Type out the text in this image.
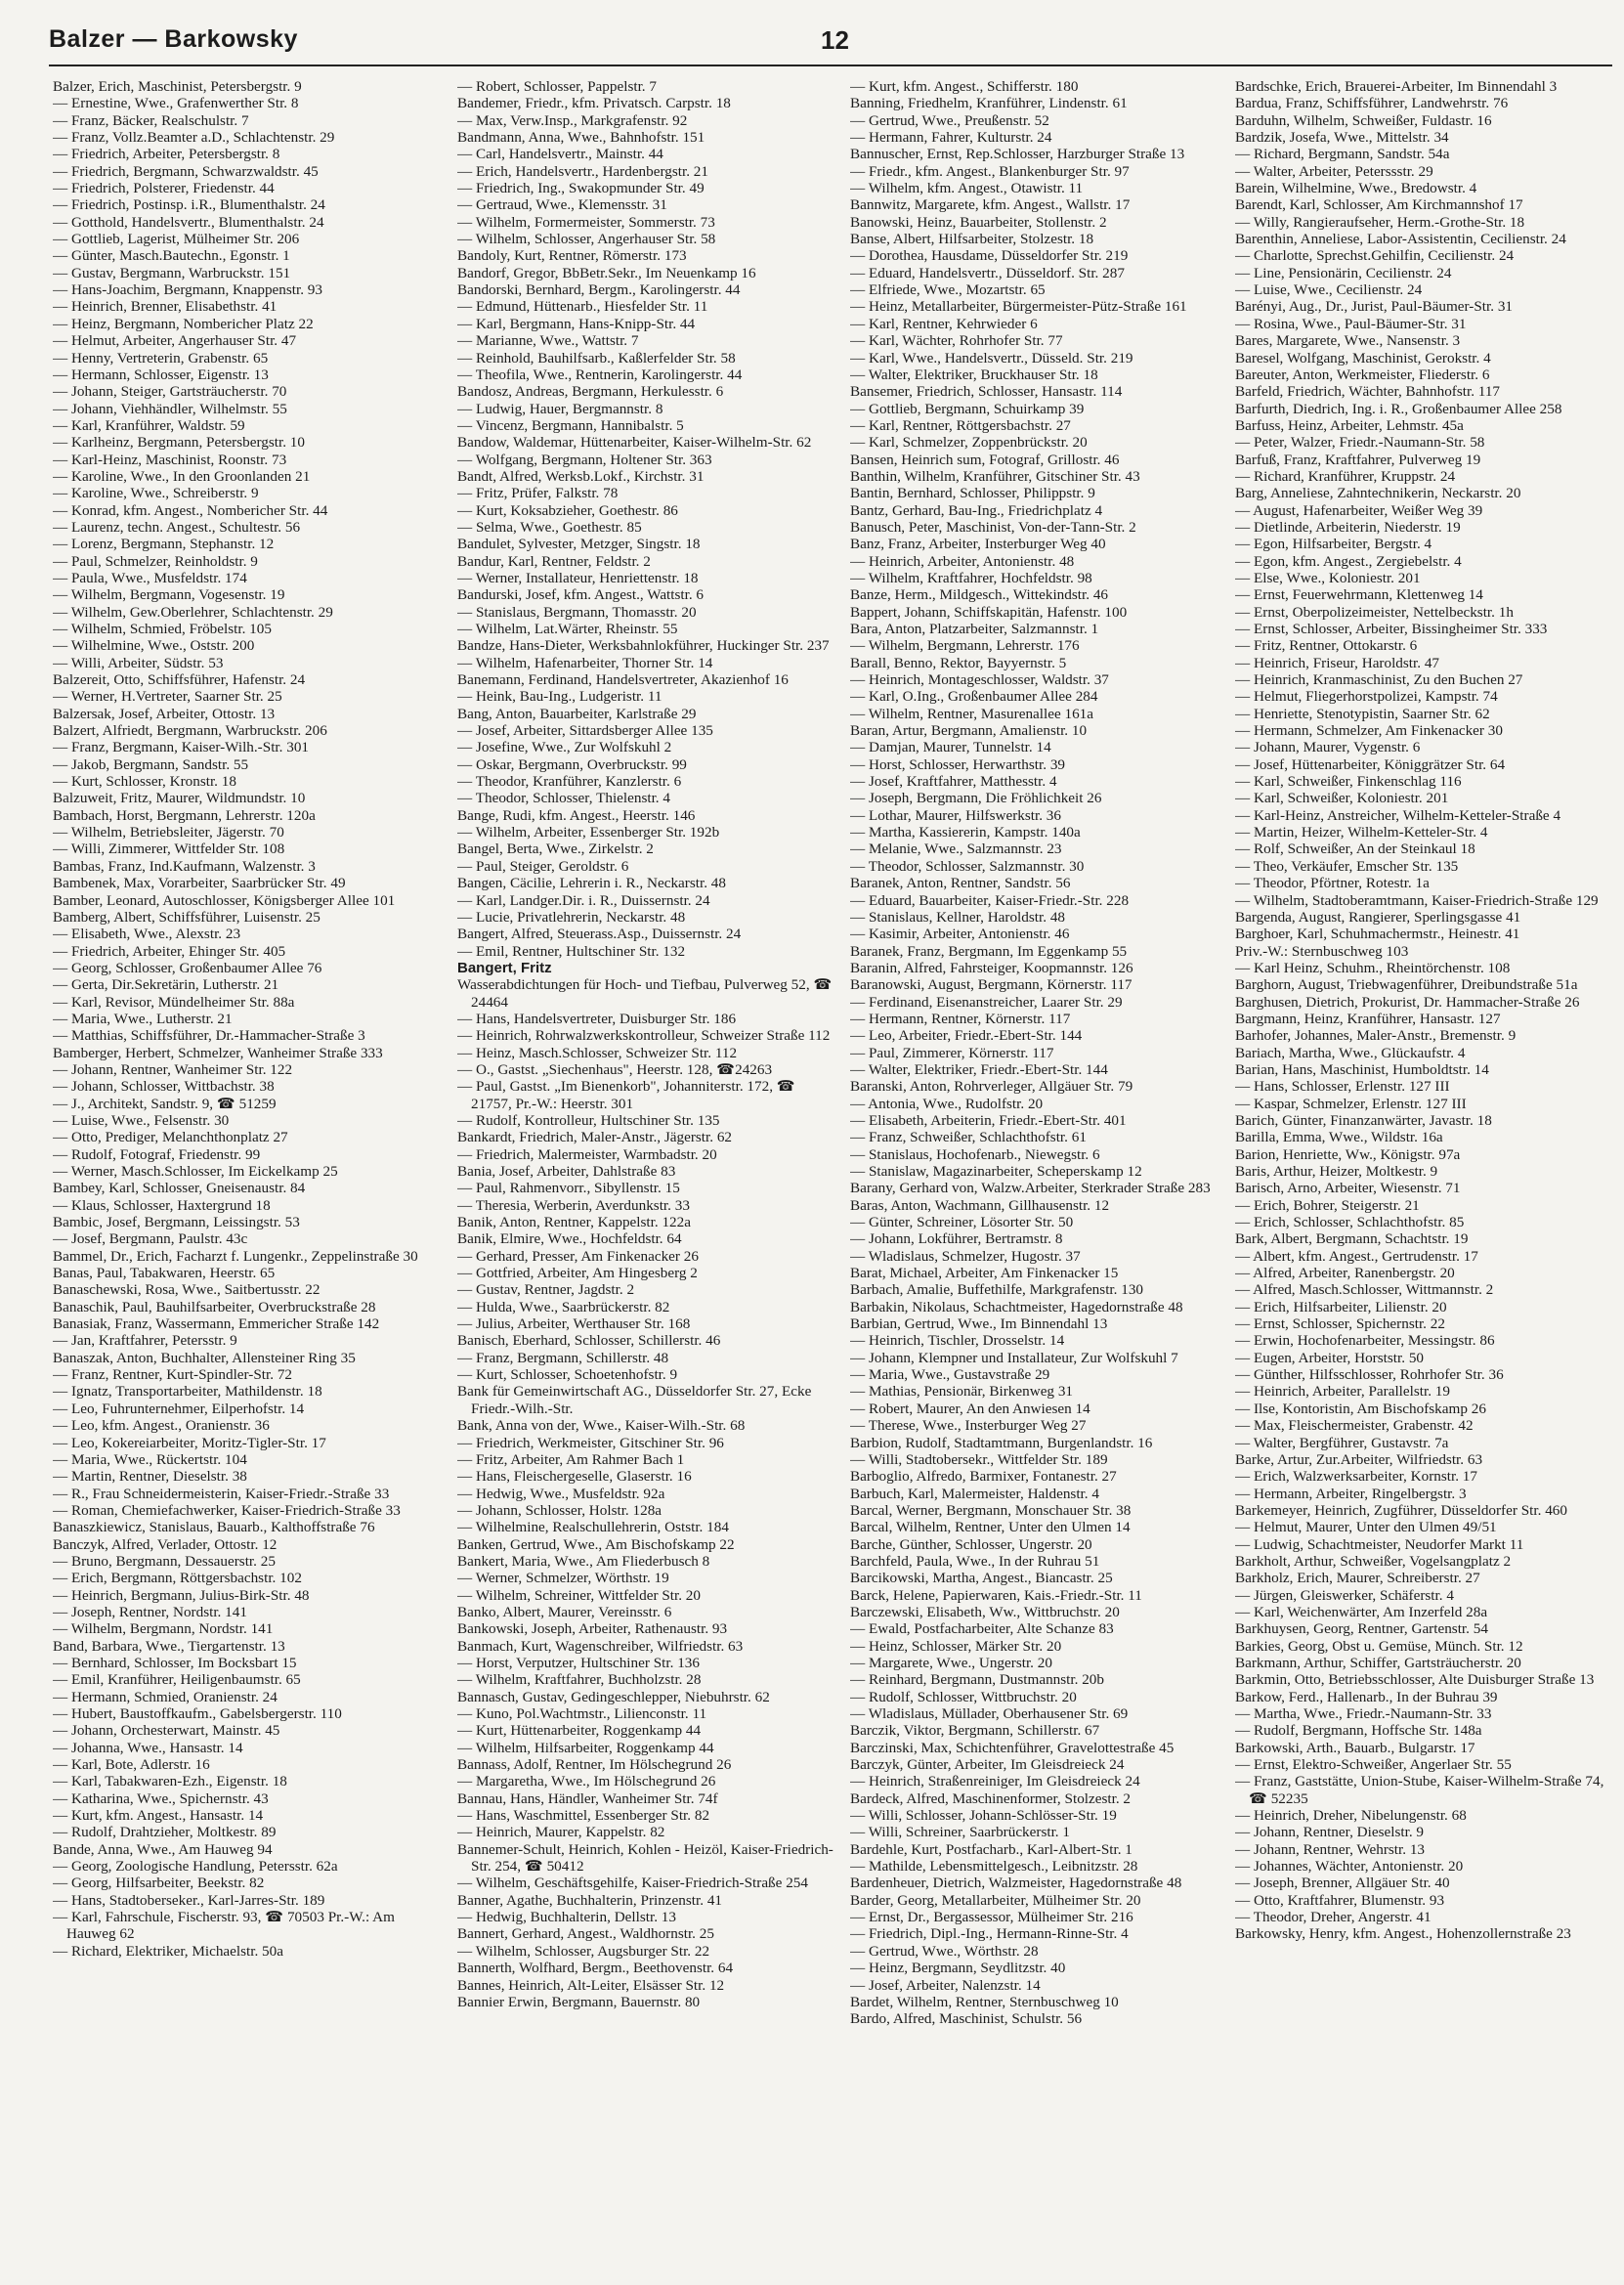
Balzer — Barkowsky	12
Balzer, Erich, Maschinist, Petersbergstr. 9
— Ernestine, Wwe., Grafenwerther Str. 8
— Franz, Bäcker, Realschulstr. 7
— Franz, Vollz.Beamter a.D., Schlachtenstr. 29
— Friedrich, Arbeiter, Petersbergstr. 8
— Friedrich, Bergmann, Schwarzwaldstr. 45
— Friedrich, Polsterer, Friedenstr. 44
— Friedrich, Postinsp. i.R., Blumenthalstr. 24
— Gotthold, Handelsvertr., Blumenthalstr. 24
— Gottlieb, Lagerist, Mülheimer Str. 206
— Günter, Masch.Bautechn., Egonstr. 1
— Gustav, Bergmann, Warbruckstr. 151
— Hans-Joachim, Bergmann, Knappenstr. 93
— Heinrich, Brenner, Elisabethstr. 41
— Heinz, Bergmann, Nombericher Platz 22
— Helmut, Arbeiter, Angerhauser Str. 47
— Henny, Vertreterin, Grabenstr. 65
— Hermann, Schlosser, Eigenstr. 13
— Johann, Steiger, Gartsträucherstr. 70
— Johann, Viehhändler, Wilhelmstr. 55
— Karl, Kranführer, Waldstr. 59
— Karlheinz, Bergmann, Petersbergstr. 10
— Karl-Heinz, Maschinist, Roonstr. 73
— Karoline, Wwe., In den Groonlanden 21
— Karoline, Wwe., Schreiberstr. 9
— Konrad, kfm. Angest., Nombericher Str. 44
— Laurenz, techn. Angest., Schultestr. 56
— Lorenz, Bergmann, Stephanstr. 12
— Paul, Schmelzer, Reinholdstr. 9
— Paula, Wwe., Musfeldstr. 174
— Wilhelm, Bergmann, Vogesenstr. 19
— Wilhelm, Gew.Oberlehrer, Schlachtenstr. 29
— Wilhelm, Schmied, Fröbelstr. 105
— Wilhelmine, Wwe., Oststr. 200
— Willi, Arbeiter, Südstr. 53
Balzereit, Otto, Schiffsführer, Hafenstr. 24
— Werner, H.Vertreter, Saarner Str. 25
Balzersak, Josef, Arbeiter, Ottostr. 13
Balzert, Alfriedt, Bergmann, Warbruckstr. 206
— Franz, Bergmann, Kaiser-Wilh.-Str. 301
— Jakob, Bergmann, Sandstr. 55
— Kurt, Schlosser, Kronstr. 18
Balzuweit, Fritz, Maurer, Wildmundstr. 10
Bambach, Horst, Bergmann, Lehrerstr. 120a
— Wilhelm, Betriebsleiter, Jägerstr. 70
— Willi, Zimmerer, Wittfelder Str. 108
Bambas, Franz, Ind.Kaufmann, Walzenstr. 3
Bambenek, Max, Vorarbeiter, Saarbrücker Str. 49
Bamber, Leonard, Autoschlosser, Königsberger Allee 101
Bamberg, Albert, Schiffsführer, Luisenstr. 25
— Elisabeth, Wwe., Alexstr. 23
— Friedrich, Arbeiter, Ehinger Str. 405
— Georg, Schlosser, Großenbaumer Allee 76
— Gerta, Dir.Sekretärin, Lutherstr. 21
— Karl, Revisor, Mündelheimer Str. 88a
— Maria, Wwe., Lutherstr. 21
— Matthias, Schiffsführer, Dr.-Hammacher-Straße 3
Bamberger, Herbert, Schmelzer, Wanheimer Straße 333
— Johann, Rentner, Wanheimer Str. 122
— Johann, Schlosser, Wittbachstr. 38
— J., Architekt, Sandstr. 9, ☎ 51259
— Luise, Wwe., Felsenstr. 30
— Otto, Prediger, Melanchthonplatz 27
— Rudolf, Fotograf, Friedenstr. 99
— Werner, Masch.Schlosser, Im Eickelkamp 25
Bambey, Karl, Schlosser, Gneisenaustr. 84
— Klaus, Schlosser, Haxtergrund 18
Bambic, Josef, Bergmann, Leissingstr. 53
— Josef, Bergmann, Paulstr. 43c
Bammel, Dr., Erich, Facharzt f. Lungenkr., Zeppelinstraße 30
Banas, Paul, Tabakwaren, Heerstr. 65
Banaschewski, Rosa, Wwe., Saitbertusstr. 22
Banaschik, Paul, Bauhilfsarbeiter, Overbruckstraße 28
Banasiak, Franz, Wassermann, Emmericher Straße 142
— Jan, Kraftfahrer, Petersstr. 9
Banaszak, Anton, Buchhalter, Allensteiner Ring 35
— Franz, Rentner, Kurt-Spindler-Str. 72
— Ignatz, Transportarbeiter, Mathildenstr. 18
— Leo, Fuhrunternehmer, Eilperhofstr. 14
— Leo, kfm. Angest., Oranienstr. 36
— Leo, Kokereiarbeiter, Moritz-Tigler-Str. 17
— Maria, Wwe., Rückertstr. 104
— Martin, Rentner, Dieselstr. 38
— R., Frau Schneidermeisterin, Kaiser-Friedr.-Straße 33
— Roman, Chemiefachwerker, Kaiser-Friedrich-Straße 33
Banaszkiewicz, Stanislaus, Bauarb., Kalthoffstraße 76
Banczyk, Alfred, Verlader, Ottostr. 12
— Bruno, Bergmann, Dessauerstr. 25
— Erich, Bergmann, Röttgersbachstr. 102
— Heinrich, Bergmann, Julius-Birk-Str. 48
— Joseph, Rentner, Nordstr. 141
— Wilhelm, Bergmann, Nordstr. 141
Band, Barbara, Wwe., Tiergartenstr. 13
— Bernhard, Schlosser, Im Bocksbart 15
— Emil, Kranführer, Heiligenbaumstr. 65
— Hermann, Schmied, Oranienstr. 24
— Hubert, Baustoffkaufm., Gabelsbergerstr. 110
— Johann, Orchesterwart, Mainstr. 45
— Johanna, Wwe., Hansastr. 14
— Karl, Bote, Adlerstr. 16
— Karl, Tabakwaren-Ezh., Eigenstr. 18
— Katharina, Wwe., Spichernstr. 43
— Kurt, kfm. Angest., Hansastr. 14
— Rudolf, Drahtzieher, Moltkestr. 89
Bande, Anna, Wwe., Am Hauweg 94
— Georg, Zoologische Handlung, Petersstr. 62a
— Georg, Hilfsarbeiter, Beekstr. 82
— Hans, Stadtoberseker., Karl-Jarres-Str. 189
— Karl, Fahrschule, Fischerstr. 93, ☎ 70503 Pr.-W.: Am Hauweg 62
— Richard, Elektriker, Michaelstr. 50a
— Robert, Schlosser, Pappelstr. 7
Bandemer, Friedr., kfm. Privatsch. Carpstr. 18
— Max, Verw.Insp., Markgrafenstr. 92
Bandmann, Anna, Wwe., Bahnhofstr. 151
— Carl, Handelsvertr., Mainstr. 44
— Erich, Handelsvertr., Hardenbergstr. 21
— Friedrich, Ing., Swakopmunder Str. 49
— Gertraud, Wwe., Klemensstr. 31
— Wilhelm, Formermeister, Sommerstr. 73
— Wilhelm, Schlosser, Angerhauser Str. 58
Bandoly, Kurt, Rentner, Römerstr. 173
Bandorf, Gregor, BbBetr.Sekr., Im Neuenkamp 16
Bandorski, Bernhard, Bergm., Karolingerstr. 44
— Edmund, Hüttenarb., Hiesfelder Str. 11
— Karl, Bergmann, Hans-Knipp-Str. 44
— Marianne, Wwe., Wattstr. 7
— Reinhold, Bauhilfsarb., Kaßlerfelder Str. 58
— Theofila, Wwe., Rentnerin, Karolingerstr. 44
Bandosz, Andreas, Bergmann, Herkulesstr. 6
— Ludwig, Hauer, Bergmannstr. 8
— Vincenz, Bergmann, Hannibalstr. 5
Bandow, Waldemar, Hüttenarbeiter, Kaiser-Wilhelm-Str. 62
— Wolfgang, Bergmann, Holtener Str. 363
Bandt, Alfred, Werksb.Lokf., Kirchstr. 31
— Fritz, Prüfer, Falkstr. 78
— Kurt, Koksabzieher, Goethestr. 86
— Selma, Wwe., Goethestr. 85
Bandulet, Sylvester, Metzger, Singstr. 18
Bandur, Karl, Rentner, Feldstr. 2
— Werner, Installateur, Henriettenstr. 18
Bandurski, Josef, kfm. Angest., Wattstr. 6
— Stanislaus, Bergmann, Thomasstr. 20
— Wilhelm, Lat.Wärter, Rheinstr. 55
Bandze, Hans-Dieter, Werksbahnlokführer, Huckinger Str. 237
— Wilhelm, Hafenarbeiter, Thorner Str. 14
Banemann, Ferdinand, Handelsvertreter, Akazienhof 16
— Heink, Bau-Ing., Ludgeristr. 11
Bang, Anton, Bauarbeiter, Karlstraße 29
— Josef, Arbeiter, Sittardsberger Allee 135
— Josefine, Wwe., Zur Wolfskuhl 2
— Oskar, Bergmann, Overbruckstr. 99
— Theodor, Kranführer, Kanzlerstr. 6
— Theodor, Schlosser, Thielenstr. 4
Bange, Rudi, kfm. Angest., Heerstr. 146
— Wilhelm, Arbeiter, Essenberger Str. 192b
Bangel, Berta, Wwe., Zirkelstr. 2
— Paul, Steiger, Geroldstr. 6
Bangen, Cäcilie, Lehrerin i. R., Neckarstr. 48
— Karl, Landger.Dir. i. R., Duissernstr. 24
— Lucie, Privatlehrerin, Neckarstr. 48
Bangert, Alfred, Steuerass.Asp., Duissernstr. 24
— Emil, Rentner, Hultschiner Str. 132
Bangert, Fritz
Wasserabdichtungen für Hoch- und Tiefbau, Pulverweg 52, ☎ 24464
— Hans, Handelsvertreter, Duisburger Str. 186
— Heinrich, Rohrwalzwerksk​ontrolleur, Schweizer Straße 112
— Heinz, Masch.Schlosser, Schweizer Str. 112
— O., Gastst. „Siechenhaus", Heerstr. 128, ☎24263
— Paul, Gastst. „Im Bienenkorb", Johanniterstr. 172, ☎ 21757, Pr.-W.: Heerstr. 301
— Rudolf, Kontrolleur, Hultschiner Str. 135
Bankardt, Friedrich, Maler-Anstr., Jägerstr. 62
— Friedrich, Malermeister, Warmbadstr. 20
Bania, Josef, Arbeiter, Dahlstraße 83
— Paul, Rahmenvorr., Sibyllenstr. 15
— Theresia, Werberin, Averdunkstr. 33
Banik, Anton, Rentner, Kappelstr. 122a
Banik, Elmire, Wwe., Hochfeldstr. 64
— Gerhard, Presser, Am Finkenacker 26
— Gottfried, Arbeiter, Am Hingesberg 2
— Gustav, Rentner, Jagdstr. 2
— Hulda, Wwe., Saarbrückerstr. 82
— Julius, Arbeiter, Werthauser Str. 168
Banisch, Eberhard, Schlosser, Schillerstr. 46
— Franz, Bergmann, Schillerstr. 48
— Kurt, Schlosser, Schoetenhofstr. 9
Bank für Gemeinwirtschaft AG., Düsseldorfer Str. 27, Ecke Friedr.-Wilh.-Str.
Bank, Anna von der, Wwe., Kaiser-Wilh.-Str. 68
— Friedrich, Werkmeister, Gitschiner Str. 96
— Fritz, Arbeiter, Am Rahmer Bach 1
— Hans, Fleischergeselle, Glaserstr. 16
— Hedwig, Wwe., Musfeldstr. 92a
— Johann, Schlosser, Holstr. 128a
— Wilhelmine, Realschullehrerin, Oststr. 184
Banken, Gertrud, Wwe., Am Bischofskamp 22
Bankert, Maria, Wwe., Am Fliederbusch 8
— Werner, Schmelzer, Wörthstr. 19
— Wilhelm, Schreiner, Wittfelder Str. 20
Banko, Albert, Maurer, Vereinsstr. 6
Bankowski, Joseph, Arbeiter, Rathenaustr. 93
Banmach, Kurt, Wagenschreiber, Wilfriedstr. 63
— Horst, Verputzer, Hultschiner Str. 136
— Wilhelm, Kraftfahrer, Buchholzstr. 28
Bannasch, Gustav, Gedingeschlepper, Niebuhrstr. 62
— Kuno, Pol.Wachtmstr., Lilienconstr. 11
— Kurt, Hüttenarbeiter, Roggenkamp 44
— Wilhelm, Hilfsarbeiter, Roggenkamp 44
Bannass, Adolf, Rentner, Im Hölschegrund 26
— Margaretha, Wwe., Im Hölschegrund 26
Bannau, Hans, Händler, Wanheimer Str. 74f
— Hans, Waschmittel, Essenberger Str. 82
— Heinrich, Maurer, Kappelstr. 82
Bannemer-Schult, Heinrich, Kohlen - Heizöl, Kaiser-Friedrich-Str. 254, ☎ 50412
— Wilhelm, Geschäftsgehilfe, Kaiser-Friedrich-Straße 254
Banner, Agathe, Buchhalterin, Prinzenstr. 41
— Hedwig, Buchhalterin, Dellstr. 13
Bannert, Gerhard, Angest., Waldhornstr. 25
— Wilhelm, Schlosser, Augsburger Str. 22
Bannerth, Wolfhard, Bergm., Beethovenstr. 64
Bannes, Heinrich, Alt-Leiter, Elsässer Str. 12
Bannier Erwin, Bergmann, Bauernstr. 80
— Kurt, kfm. Angest., Schifferstr. 180
Banning, Friedhelm, Kranführer, Lindenstr. 61
— Gertrud, Wwe., Preußenstr. 52
— Hermann, Fahrer, Kulturstr. 24
Bannuscher, Ernst, Rep.Schlosser, Harzburger Straße 13
— Friedr., kfm. Angest., Blankenburger Str. 97
— Wilhelm, kfm. Angest., Otawistr. 11
Bannwitz, Margarete, kfm. Angest., Wallstr. 17
Banowski, Heinz, Bauarbeiter, Stollenstr. 2
Banse, Albert, Hilfsarbeiter, Stolzestr. 18
— Dorothea, Hausdame, Düsseldorfer Str. 219
— Eduard, Handelsvertr., Düsseldorf. Str. 287
— Elfriede, Wwe., Mozartstr. 65
— Heinz, Metallarbeiter, Bürgermeister-Pütz-Straße 161
— Karl, Rentner, Kehrwieder 6
— Karl, Wächter, Rohrhofer Str. 77
— Karl, Wwe., Handelsvertr., Düsseld. Str. 219
— Walter, Elektriker, Bruckhauser Str. 18
Bansemer, Friedrich, Schlosser, Hansastr. 114
— Gottlieb, Bergmann, Schuirkamp 39
— Karl, Rentner, Röttgersbachstr. 27
— Karl, Schmelzer, Zoppenbrückstr. 20
Bansen, Heinrich sum, Fotograf, Grillostr. 46
Banthin, Wilhelm, Kranführer, Gitschiner Str. 43
Bantin, Bernhard, Schlosser, Philippstr. 9
Bantz, Gerhard, Bau-Ing., Friedrichplatz 4
Banusch, Peter, Maschinist, Von-der-Tann-Str. 2
Banz, Franz, Arbeiter, Insterburger Weg 40
— Heinrich, Arbeiter, Antonienstr. 48
— Wilhelm, Kraftfahrer, Hochfeldstr. 98
Banze, Herm., Mildgesch., Wittekindstr. 46
Bappert, Johann, Schiffskapitän, Hafenstr. 100
Bara, Anton, Platzarbeiter, Salzmannstr. 1
— Wilhelm, Bergmann, Lehrerstr. 176
Barall, Benno, Rektor, Bayyernstr. 5
— Heinrich, Montageschlosser, Waldstr. 37
— Karl, O.Ing., Großenbaumer Allee 284
— Wilhelm, Rentner, Masurenallee 161a
Baran, Artur, Bergmann, Amalienstr. 10
— Damjan, Maurer, Tunnelstr. 14
— Horst, Schlosser, Herwarthstr. 39
— Josef, Kraftfahrer, Matthesstr. 4
— Joseph, Bergmann, Die Fröhlichkeit 26
— Lothar, Maurer, Hilfswerkstr. 36
— Martha, Kassiererin, Kampstr. 140a
— Melanie, Wwe., Salzmannstr. 23
— Theodor, Schlosser, Salzmannstr. 30
Baranek, Anton, Rentner, Sandstr. 56
— Eduard, Bauarbeiter, Kaiser-Friedr.-Str. 228
— Stanislaus, Kellner, Haroldstr. 48
— Kasimir, Arbeiter, Antonienstr. 46
Baranek, Franz, Bergmann, Im Eggenkamp 55
Baranin, Alfred, Fahrsteiger, Koopmannstr. 126
Baranowski, August, Bergmann, Körnerstr. 117
— Ferdinand, Eisenanstreicher, Laarer Str. 29
— Hermann, Rentner, Körnerstr. 117
— Leo, Arbeiter, Friedr.-Ebert-Str. 144
— Paul, Zimmerer, Körnerstr. 117
— Walter, Elektriker, Friedr.-Ebert-Str. 144
Baranski, Anton, Rohrverleger, Allgäuer Str. 79
— Antonia, Wwe., Rudolfstr. 20
— Elisabeth, Arbeiterin, Friedr.-Ebert-Str. 401
— Franz, Schweißer, Schlachthofstr. 61
— Stanislaus, Hochofenarb., Niewegstr. 6
— Stanislaw, Magazinarbeiter, Schepersk​amp 12
Barany, Gerhard von, Walzw.Arbeiter, Sterkrader Straße 283
Baras, Anton, Wachmann, Gillhausenstr. 12
— Günter, Schreiner, Lösorter Str. 50
— Johann, Lokführer, Bertramstr. 8
— Wladislaus, Schmelzer, Hugostr. 37
Barat, Michael, Arbeiter, Am Finkenacker 15
Barbach, Amalie, Buffethilfe, Markgrafenstr. 130
Barbakin, Nikolaus, Schachtmeister, Hagedornstraße 48
Barbian, Gertrud, Wwe., Im Binnendahl 13
— Heinrich, Tischler, Drosselstr. 14
— Johann, Klempner und Installateur, Zur Wolfskuhl 7
— Maria, Wwe., Gustavstraße 29
— Mathias, Pensionär, Birkenweg 31
— Robert, Maurer, An den Anwiesen 14
— Therese, Wwe., Insterburger Weg 27
Barbion, Rudolf, Stadtamtmann, Burgenlandstr. 16
— Willi, Stadtobersekr., Wittfelder Str. 189
Barboglio, Alfredo, Barmixer, Fontanestr. 27
Barbuch, Karl, Malermeister, Haldenstr. 4
Barcal, Werner, Bergmann, Monschauer Str. 38
Barcal, Wilhelm, Rentner, Unter den Ulmen 14
Barche, Günther, Schlosser, Ungerstr. 20
Barchfeld, Paula, Wwe., In der Ruhrau 51
Barcikowski, Martha, Angest., Biancastr. 25
Barck, Helene, Papierwaren, Kais.-Friedr.-Str. 11
Barczewski, Elisabeth, Ww., Wittbruchstr. 20
— Ewald, Postfacharbeiter, Alte Schanze 83
— Heinz, Schlosser, Märker Str. 20
— Margarete, Wwe., Ungerstr. 20
— Reinhard, Bergmann, Dustmannstr. 20b
— Rudolf, Schlosser, Wittbruchstr. 20
— Wladislaus, Müllader, Oberhausener Str. 69
Barczik, Viktor, Bergmann, Schillerstr. 67
Barczinski, Max, Schichtenführer, Gravelottestraße 45
Barczyk, Günter, Arbeiter, Im Gleisdreieck 24
— Heinrich, Straßenreiniger, Im Gleisdreieck 24
Bardeck, Alfred, Maschinenformer, Stolzestr. 2
— Willi, Schlosser, Johann-Schlösser-Str. 19
— Willi, Schreiner, Saarbrückerstr. 1
Bardehle, Kurt, Postfacharb., Karl-Albert-Str. 1
— Mathilde, Lebensmittelgesch., Leibnitzstr. 28
Bardenheuer, Dietrich, Walzmeister, Hagedornstraße 48
Barder, Georg, Metallarbeiter, Mülheimer Str. 20
— Ernst, Dr., Bergassessor, Mülheimer Str. 216
— Friedrich, Dipl.-Ing., Hermann-Rinne-Str. 4
— Gertrud, Wwe., Wörthstr. 28
— Heinz, Bergmann, Seydlitzstr. 40
— Josef, Arbeiter, Nalenzstr. 14
Bardet, Wilhelm, Rentner, Sternbuschweg 10
Bardo, Alfred, Maschinist, Schulstr. 56
Bardschke, Erich, Brauerei-Arbeiter, Im Binnendahl 3
Bardua, Franz, Schiffsführer, Landwehrstr. 76
Barduhn, Wilhelm, Schweißer, Fuldastr. 16
Bardzik, Josefa, Wwe., Mittelstr. 34
— Richard, Bergmann, Sandstr. 54a
— Walter, Arbeiter, Peterssstr. 29
Barein, Wilhelmine, Wwe., Bredowstr. 4
Barendt, Karl, Schlosser, Am Kirchmannshof 17
— Willy, Rangieraufseher, Herm.-Grothe-Str. 18
Barenthin, Anneliese, Labor-Assistentin, Cecilienstr. 24
— Charlotte, Sprechst.Gehilfin, Cecilienstr. 24
— Line, Pensionärin, Cecilienstr. 24
— Luise, Wwe., Cecilienstr. 24
Barényi, Aug., Dr., Jurist, Paul-Bäumer-Str. 31
— Rosina, Wwe., Paul-Bäumer-Str. 31
Bares, Margarete, Wwe., Nansenstr. 3
Baresel, Wolfgang, Maschinist, Gerokstr. 4
Bareuter, Anton, Werkmeister, Fliederstr. 6
Barfeld, Friedrich, Wächter, Bahnhofstr. 117
Barfurth, Diedrich, Ing. i. R., Großenbaumer Allee 258
Barfuss, Heinz, Arbeiter, Lehmstr. 45a
— Peter, Walzer, Friedr.-Naumann-Str. 58
Barfuß, Franz, Kraftfahrer, Pulverweg 19
— Richard, Kranführer, Kruppstr. 24
Barg, Anneliese, Zahntechnikerin, Neckarstr. 20
— August, Hafenarbeiter, Weißer Weg 39
— Dietlinde, Arbeiterin, Niederstr. 19
— Egon, Hilfsarbeiter, Bergstr. 4
— Egon, kfm. Angest., Zergiebelstr. 4
— Else, Wwe., Koloniestr. 201
— Ernst, Feuerwehrmann, Klettenweg 14
— Ernst, Oberpolizeimeister, Nettelbeckstr. 1h
— Ernst, Schlosser, Arbeiter, Bissingheimer Str. 333
— Fritz, Rentner, Ottokarstr. 6
— Heinrich, Friseur, Haroldstr. 47
— Heinrich, Kranmaschinist, Zu den Buchen 27
— Helmut, Fliegerhorstpolizei, Kampstr. 74
— Henriette, Stenotypistin, Saarner Str. 62
— Hermann, Schmelzer, Am Finkenacker 30
— Johann, Maurer, Vygenstr. 6
— Josef, Hüttenarbeiter, Königgrätzer Str. 64
— Karl, Schweißer, Finkenschlag 116
— Karl, Schweißer, Koloniestr. 201
— Karl-Heinz, Anstreicher, Wilhelm-Ketteler-Straße 4
— Martin, Heizer, Wilhelm-Ketteler-Str. 4
— Rolf, Schweißer, An der Steinkaul 18
— Theo, Verkäufer, Emscher Str. 135
— Theodor, Pförtner, Rotestr. 1a
— Wilhelm, Stadtoberamtmann, Kaiser-Friedrich-Straße 129
Bargenda, August, Rangierer, Sperlingsgasse 41
Barghoer, Karl, Schuhmachermstr., Heinestr. 41
Priv.-W.: Sternbuschweg 103
— Karl Heinz, Schuhm., Rheintörchenstr. 108
Barghorn, August, Triebwagenführer, Dreibundstraße 51a
Barghusen, Dietrich, Prokurist, Dr. Hammacher-Straße 26
Bargmann, Heinz, Kranführer, Hansastr. 127
Barhofer, Johannes, Maler-Anstr., Bremenstr. 9
Bariach, Martha, Wwe., Glückaufstr. 4
Barian, Hans, Maschinist, Humboldtstr. 14
— Hans, Schlosser, Erlenstr. 127 III
— Kaspar, Schmelzer, Erlenstr. 127 III
Barich, Günter, Finanzanwärter, Javastr. 18
Barilla, Emma, Wwe., Wildstr. 16a
Barion, Henriette, Ww., Königstr. 97a
Baris, Arthur, Heizer, Moltkestr. 9
Barisch, Arno, Arbeiter, Wiesenstr. 71
— Erich, Bohrer, Steigerstr. 21
— Erich, Schlosser, Schlachthofstr. 85
Bark, Albert, Bergmann, Schachtstr. 19
— Albert, kfm. Angest., Gertrudenstr. 17
— Alfred, Arbeiter, Ranenbergstr. 20
— Alfred, Masch.Schlosser, Wittmannstr. 2
— Erich, Hilfsarbeiter, Lilienstr. 20
— Ernst, Schlosser, Spichernstr. 22
— Erwin, Hochofenarbeiter, Messingstr. 86
— Eugen, Arbeiter, Horststr. 50
— Günther, Hilfsschlosser, Rohrhofer Str. 36
— Heinrich, Arbeiter, Parallelstr. 19
— Ilse, Kontoristin, Am Bischofskamp 26
— Max, Fleischermeister, Grabenstr. 42
— Walter, Bergführer, Gustavstr. 7a
Barke, Artur, Zur.Arbeiter, Wilfriedstr. 63
— Erich, Walzwerksarbeiter, Kornstr. 17
— Hermann, Arbeiter, Ringelbergstr. 3
Barkemeyer, Heinrich, Zugführer, Düsseldorfer Str. 460
— Helmut, Maurer, Unter den Ulmen 49/51
— Ludwig, Schachtmeister, Neudorfer Markt 11
Barkholt, Arthur, Schweißer, Vogelsangplatz 2
Barkholz, Erich, Maurer, Schreiberstr. 27
— Jürgen, Gleiswerker, Schäferstr. 4
— Karl, Weichenwärter, Am Inzerfeld 28a
Barkhuysen, Georg, Rentner, Gartenstr. 54
Barkies, Georg, Obst u. Gemüse, Münch. Str. 12
Barkmann, Arthur, Schiffer, Gartsträucherstr. 20
Barkmin, Otto, Betriebsschlosser, Alte Duisburger Straße 13
Barkow, Ferd., Hallenarb., In der Buhrau 39
— Martha, Wwe., Friedr.-Naumann-Str. 33
— Rudolf, Bergmann, Hoffsche Str. 148a
Barkowski, Arth., Bauarb., Bulgarstr. 17
— Ernst, Elektro-Schweißer, Angerlaer Str. 55
— Franz, Gaststätte, Union-Stube, Kaiser-Wilhelm-Straße 74, ☎ 52235
— Heinrich, Dreher, Nibelungenstr. 68
— Johann, Rentner, Dieselstr. 9
— Johann, Rentner, Wehrstr. 13
— Johannes, Wächter, Antonienstr. 20
— Joseph, Brenner, Allgäuer Str. 40
— Otto, Kraftfahrer, Blumenstr. 93
— Theodor, Dreher, Angerstr. 41
Barkowsky, Henry, kfm. Angest., Hohenzollernstraße 23
